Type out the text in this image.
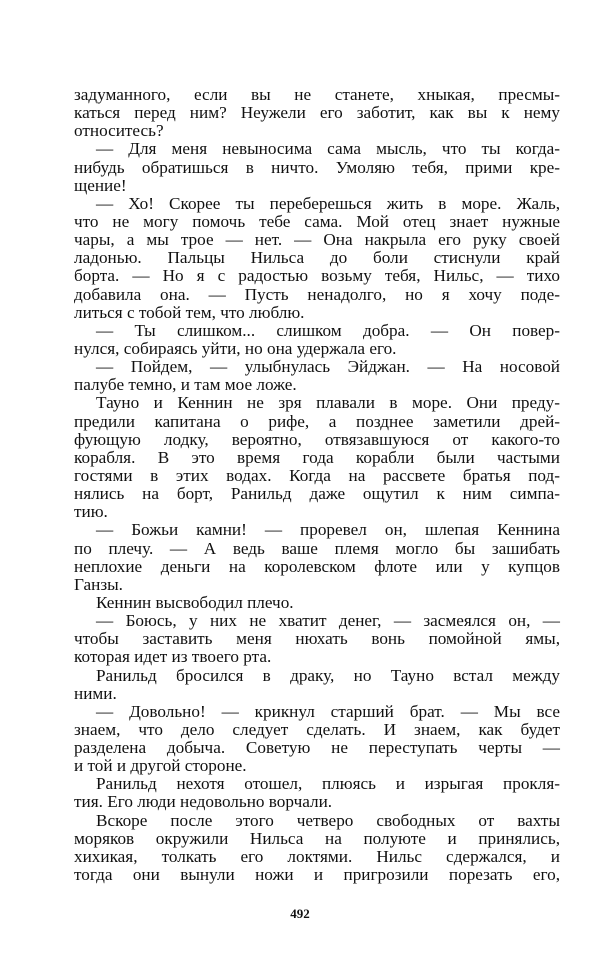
задуманного, если вы не станете, хныкая, пресмы-
каться перед ним? Неужели его заботит, как вы к нему
относитесь?
— Для меня невыносима сама мысль, что ты когда-
нибудь обратишься в ничто. Умоляю тебя, прими кре-
щение!
— Хо! Скорее ты переберешься жить в море. Жаль,
что не могу помочь тебе сама. Мой отец знает нужные
чары, а мы трое — нет. — Она накрыла его руку своей
ладонью. Пальцы Нильса до боли стиснули край
борта. — Но я с радостью возьму тебя, Нильс, — тихо
добавила она. — Пусть ненадолго, но я хочу поде-
литься с тобой тем, что люблю.
— Ты слишком... слишком добра. — Он повер-
нулся, собираясь уйти, но она удержала его.
— Пойдем, — улыбнулась Эйджан. — На носовой
палубе темно, и там мое ложе.
Тауно и Кеннин не зря плавали в море. Они преду-
предили капитана о рифе, а позднее заметили дрей-
фующую лодку, вероятно, отвязавшуюся от какого-то
корабля. В это время года корабли были частыми
гостями в этих водах. Когда на рассвете братья под-
нялись на борт, Ранильд даже ощутил к ним симпа-
тию.
— Божьи камни! — проревел он, шлепая Кеннина
по плечу. — А ведь ваше племя могло бы зашибать
неплохие деньги на королевском флоте или у купцов
Ганзы.
Кеннин высвободил плечо.
— Боюсь, у них не хватит денег, — засмеялся он, —
чтобы заставить меня нюхать вонь помойной ямы,
которая идет из твоего рта.
Ранильд бросился в драку, но Тауно встал между
ними.
— Довольно! — крикнул старший брат. — Мы все
знаем, что дело следует сделать. И знаем, как будет
разделена добыча. Советую не переступать черты —
и той и другой стороне.
Ранильд нехотя отошел, плюясь и изрыгая прокля-
тия. Его люди недовольно ворчали.
Вскоре после этого четверо свободных от вахты
моряков окружили Нильса на полуюте и принялись,
хихикая, толкать его локтями. Нильс сдержался, и
тогда они вынули ножи и пригрозили порезать его,
492
